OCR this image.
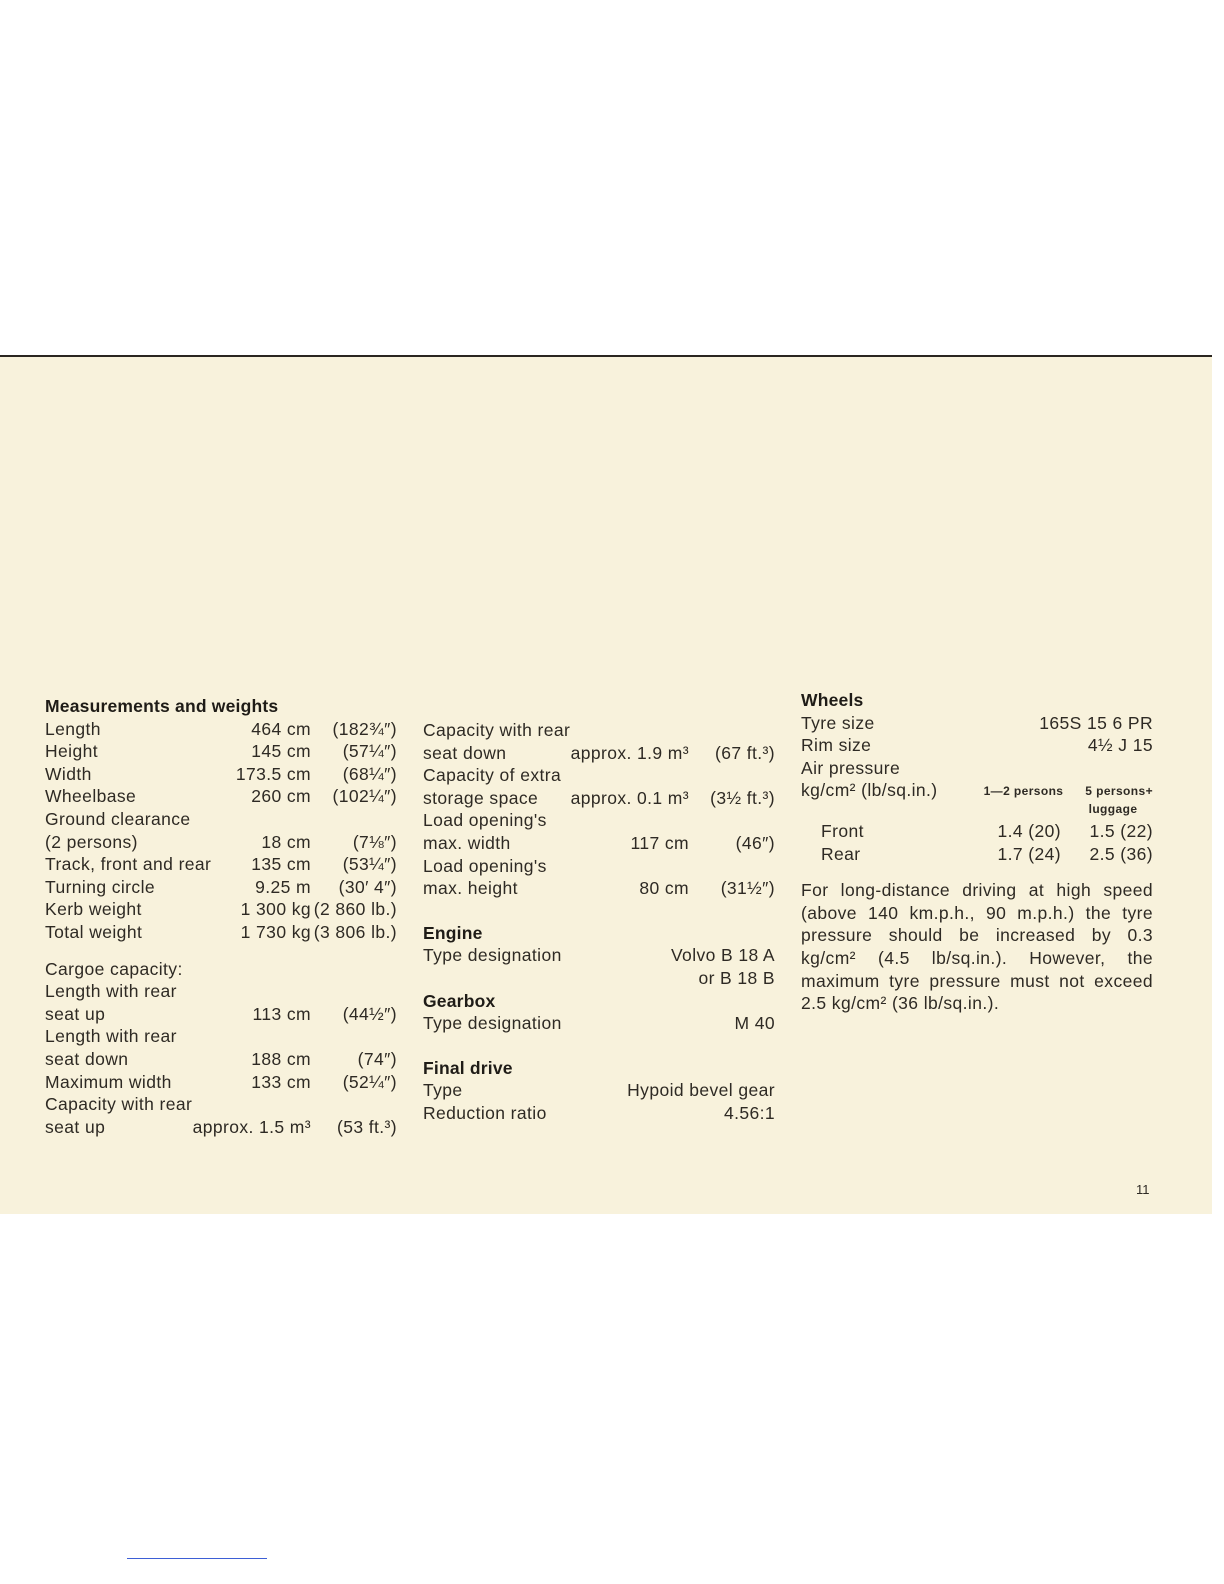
Measurements and weights
Length	464 cm	(182¾″)
Height	145 cm	(57¼″)
Width	173.5 cm	(68¼″)
Wheelbase	260 cm	(102¼″)
Ground clearance
(2 persons)	18 cm	(7⅛″)
Track, front and rear	135 cm	(53¼″)
Turning circle	9.25 m	(30′ 4″)
Kerb weight	1 300 kg (2 860 lb.)
Total weight	1 730 kg (3 806 lb.)
Cargoe capacity:
Length with rear
seat up	113 cm	(44½″)
Length with rear
seat down	188 cm	(74″)
Maximum width	133 cm	(52¼″)
Capacity with rear
seat up	approx. 1.5 m³	(53 ft.³)
Capacity with rear
seat down	approx. 1.9 m³	(67 ft.³)
Capacity of extra
storage space approx. 0.1 m³	(3½ ft.³)
Load opening's
max. width	117 cm	(46″)
Load opening's
max. height	80 cm	(31½″)
Engine
Type designation	Volvo B 18 A
or B 18 B
Gearbox
Type designation	M 40
Final drive
Type	Hypoid bevel gear
Reduction ratio	4.56:1
Wheels
Tyre size	165S 15 6 PR
Rim size	4½ J 15
Air pressure
kg/cm² (lb/sq.in.)	1—2 persons	5 persons+
luggage
Front	1.4 (20)	1.5 (22)
Rear	1.7 (24)	2.5 (36)
For long-distance driving at high speed (above 140 km.p.h., 90 m.p.h.) the tyre pressure should be increased by 0.3 kg/cm² (4.5 lb/sq.in.). However, the maximum tyre pressure must not exceed 2.5 kg/cm² (36 lb/sq.in.).
11
